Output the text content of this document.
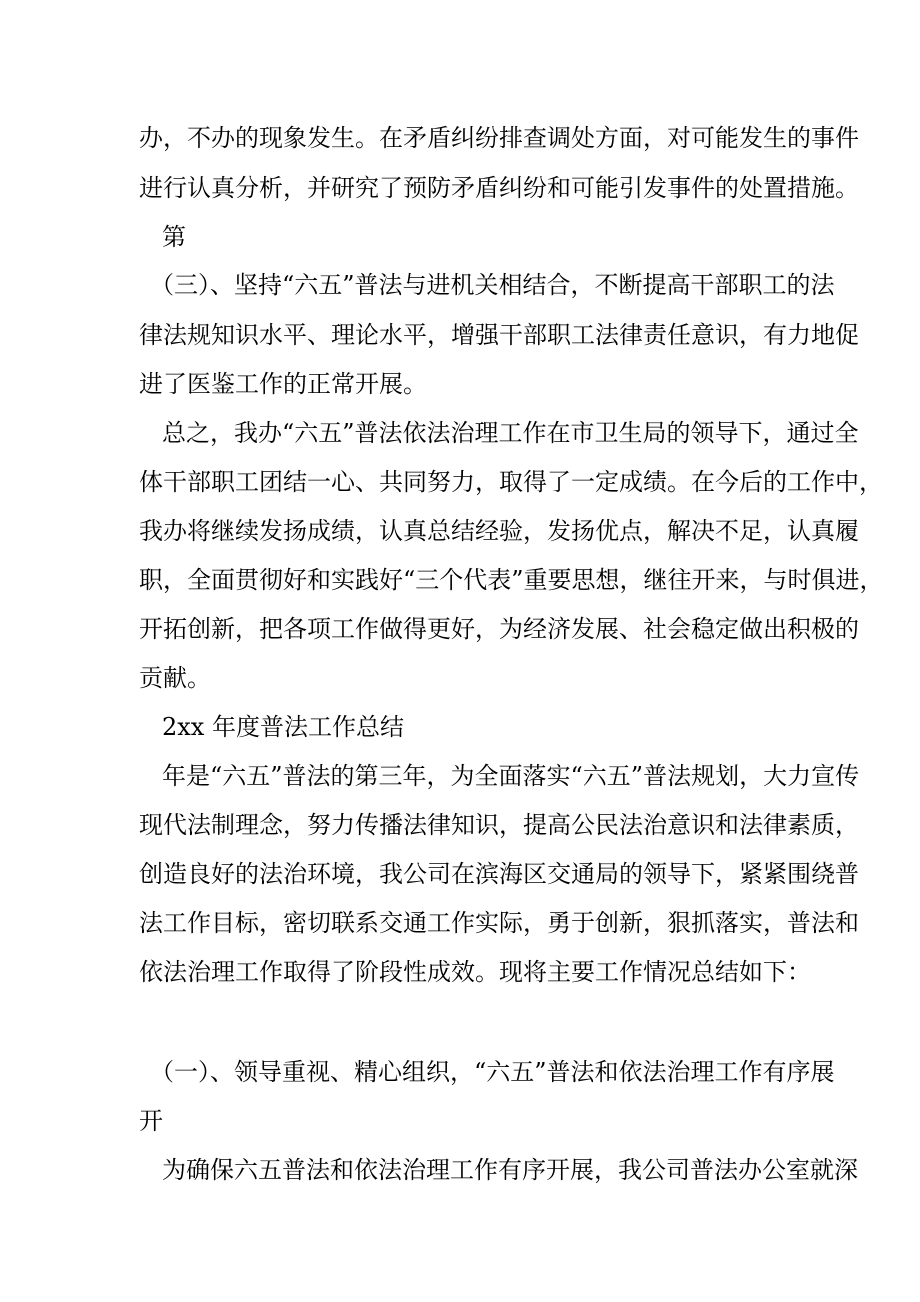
办，不办的现象发生。在矛盾纠纷排查调处方面，对可能发生的事件
进行认真分析，并研究了预防矛盾纠纷和可能引发事件的处置措施。
第
（三）、坚持“六五”普法与进机关相结合，不断提高干部职工的法
律法规知识水平、理论水平，增强干部职工法律责任意识，有力地促
进了医鉴工作的正常开展。
总之，我办“六五”普法依法治理工作在市卫生局的领导下，通过全
体干部职工团结一心、共同努力，取得了一定成绩。在今后的工作中，
我办将继续发扬成绩，认真总结经验，发扬优点，解决不足，认真履
职，全面贯彻好和实践好“三个代表”重要思想，继往开来，与时俱进，
开拓创新，把各项工作做得更好，为经济发展、社会稳定做出积极的
贡献。
2xx 年度普法工作总结
年是“六五”普法的第三年，为全面落实“六五”普法规划，大力宣传
现代法制理念，努力传播法律知识，提高公民法治意识和法律素质，
创造良好的法治环境，我公司在滨海区交通局的领导下，紧紧围绕普
法工作目标，密切联系交通工作实际，勇于创新，狠抓落实，普法和
依法治理工作取得了阶段性成效。现将主要工作情况总结如下：
（一）、领导重视、精心组织，“六五”普法和依法治理工作有序展
开
为确保六五普法和依法治理工作有序开展，我公司普法办公室就深
